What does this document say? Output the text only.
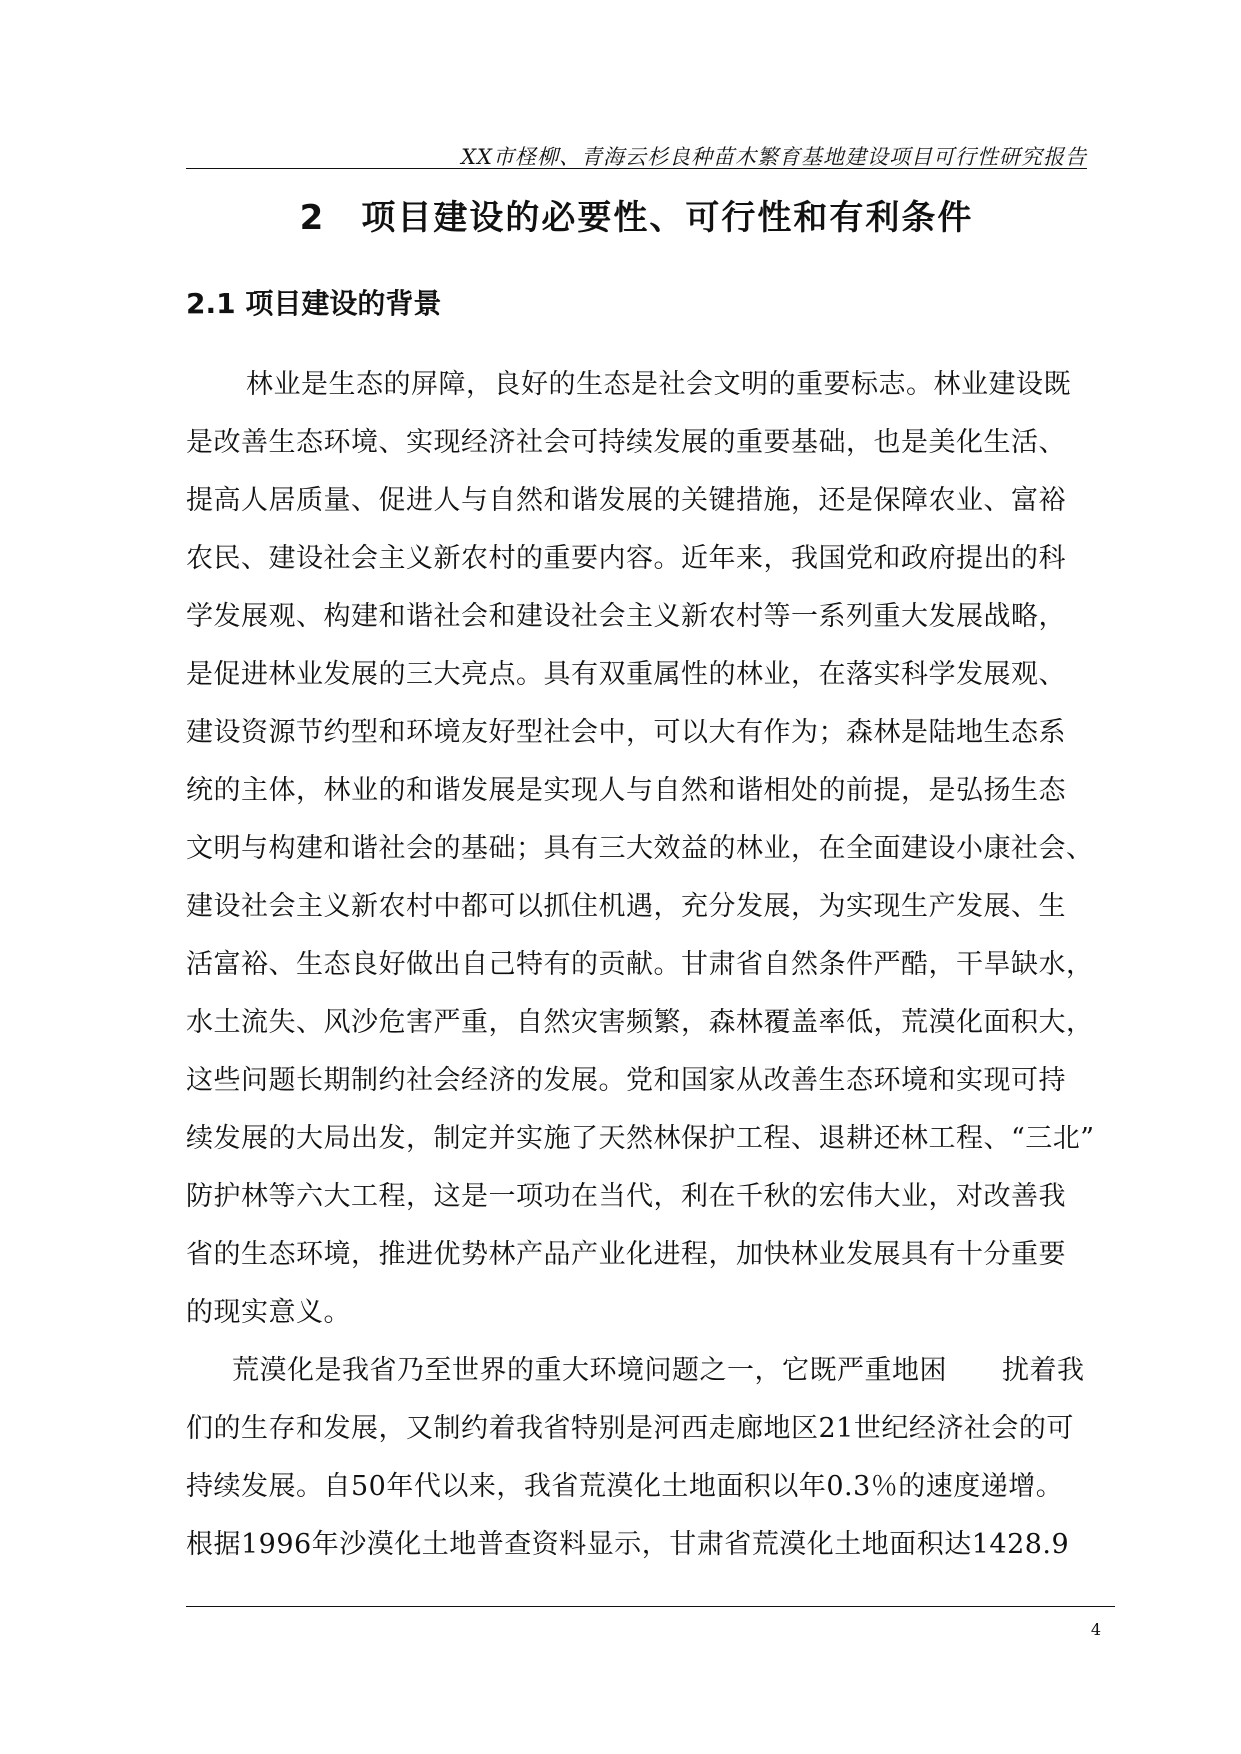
XX市柽柳、青海云杉良种苗木繁育基地建设项目可行性研究报告
2 项目建设的必要性、可行性和有利条件
2.1 项目建设的背景
林业是生态的屏障，良好的生态是社会文明的重要标志。林业建设既
是改善生态环境、实现经济社会可持续发展的重要基础，也是美化生活、
提高人居质量、促进人与自然和谐发展的关键措施，还是保障农业、富裕
农民、建设社会主义新农村的重要内容。近年来，我国党和政府提出的科
学发展观、构建和谐社会和建设社会主义新农村等一系列重大发展战略，
是促进林业发展的三大亮点。具有双重属性的林业，在落实科学发展观、
建设资源节约型和环境友好型社会中，可以大有作为；森林是陆地生态系
统的主体，林业的和谐发展是实现人与自然和谐相处的前提，是弘扬生态
文明与构建和谐社会的基础；具有三大效益的林业，在全面建设小康社会、
建设社会主义新农村中都可以抓住机遇，充分发展，为实现生产发展、生
活富裕、生态良好做出自己特有的贡献。甘肃省自然条件严酷，干旱缺水，
水土流失、风沙危害严重，自然灾害频繁，森林覆盖率低，荒漠化面积大，
这些问题长期制约社会经济的发展。党和国家从改善生态环境和实现可持
续发展的大局出发，制定并实施了天然林保护工程、退耕还林工程、“三北”
防护林等六大工程，这是一项功在当代，利在千秋的宏伟大业，对改善我
省的生态环境，推进优势林产品产业化进程，加快林业发展具有十分重要
的现实意义。
荒漠化是我省乃至世界的重大环境问题之一，它既严重地困　　扰着我
们的生存和发展，又制约着我省特别是河西走廊地区21世纪经济社会的可
持续发展。自50年代以来，我省荒漠化土地面积以年0.3％的速度递增。
根据1996年沙漠化土地普查资料显示，甘肃省荒漠化土地面积达1428.9
4
